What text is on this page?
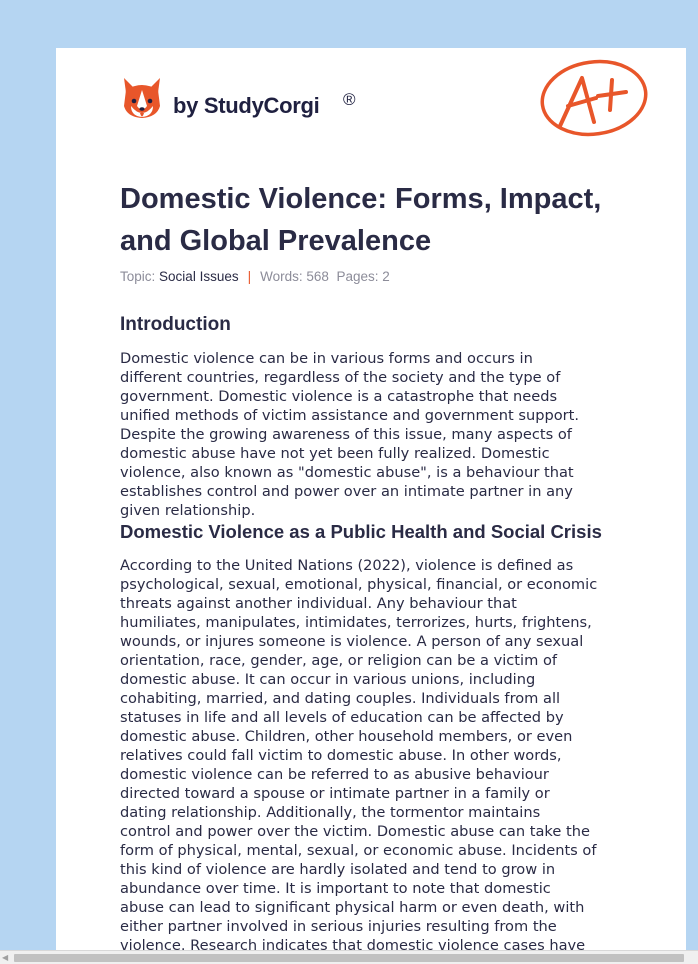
by StudyCorgi ®
Domestic Violence: Forms, Impact, and Global Prevalence
Topic: Social Issues | Words: 568 Pages: 2
Introduction
Domestic violence can be in various forms and occurs in
different countries, regardless of the society and the type of
government. Domestic violence is a catastrophe that needs
unified methods of victim assistance and government support.
Despite the growing awareness of this issue, many aspects of
domestic abuse have not yet been fully realized. Domestic
violence, also known as "domestic abuse", is a behaviour that
establishes control and power over an intimate partner in any
given relationship.
Domestic Violence as a Public Health and Social Crisis
According to the United Nations (2022), violence is defined as
psychological, sexual, emotional, physical, financial, or economic
threats against another individual. Any behaviour that
humiliates, manipulates, intimidates, terrorizes, hurts, frightens,
wounds, or injures someone is violence. A person of any sexual
orientation, race, gender, age, or religion can be a victim of
domestic abuse. It can occur in various unions, including
cohabiting, married, and dating couples. Individuals from all
statuses in life and all levels of education can be affected by
domestic abuse. Children, other household members, or even
relatives could fall victim to domestic abuse. In other words,
domestic violence can be referred to as abusive behaviour
directed toward a spouse or intimate partner in a family or
dating relationship. Additionally, the tormentor maintains
control and power over the victim. Domestic abuse can take the
form of physical, mental, sexual, or economic abuse. Incidents of
this kind of violence are hardly isolated and tend to grow in
abundance over time. It is important to note that domestic
abuse can lead to significant physical harm or even death, with
either partner involved in serious injuries resulting from the
violence. Research indicates that domestic violence cases have
◀
